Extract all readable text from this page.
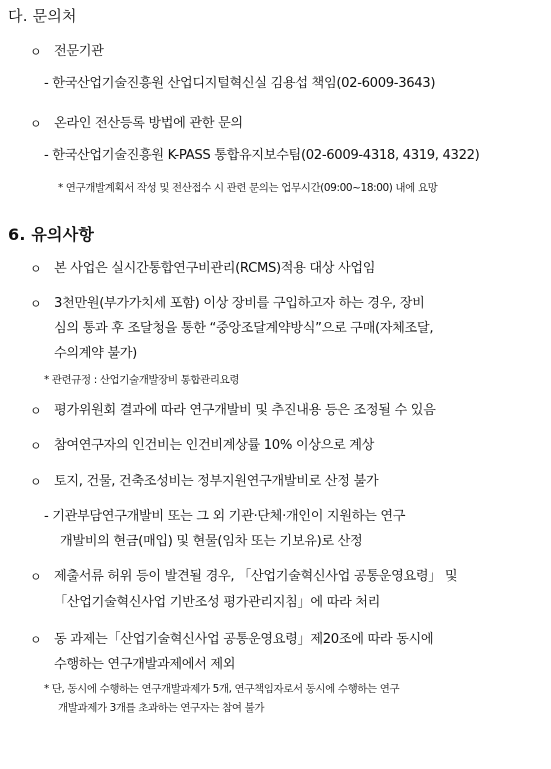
다. 문의처
ㅇ 전문기관
- 한국산업기술진흥원 산업디지털혁신실 김용섭 책임(02-6009-3643)
ㅇ 온라인 전산등록 방법에 관한 문의
- 한국산업기술진흥원 K-PASS 통합유지보수팀(02-6009-4318, 4319, 4322)
* 연구개발계획서 작성 및 전산접수 시 관련 문의는 업무시간(09:00~18:00) 내에 요망
6. 유의사항
ㅇ 본 사업은 실시간통합연구비관리(RCMS)적용 대상 사업임
ㅇ 3천만원(부가가치세 포함) 이상 장비를 구입하고자 하는 경우, 장비
심의 통과 후 조달청을 통한 “중앙조달계약방식”으로 구매(자체조달,
수의계약 불가)
* 관련규정 : 산업기술개발장비 통합관리요령
ㅇ 평가위원회 결과에 따라 연구개발비 및 추진내용 등은 조정될 수 있음
ㅇ 참여연구자의 인건비는 인건비계상률 10% 이상으로 계상
ㅇ 토지, 건물, 건축조성비는 정부지원연구개발비로 산정 불가
- 기관부담연구개발비 또는 그 외 기관·단체·개인이 지원하는 연구
개발비의 현금(매입) 및 현물(임차 또는 기보유)로 산정
ㅇ 제출서류 허위 등이 발견될 경우, 「산업기술혁신사업 공통운영요령」 및
「산업기술혁신사업 기반조성 평가관리지침」에 따라 처리
ㅇ 동 과제는「산업기술혁신사업 공통운영요령」제20조에 따라 동시에
수행하는 연구개발과제에서 제외
* 단, 동시에 수행하는 연구개발과제가 5개, 연구책임자로서 동시에 수행하는 연구
개발과제가 3개를 초과하는 연구자는 참여 불가
